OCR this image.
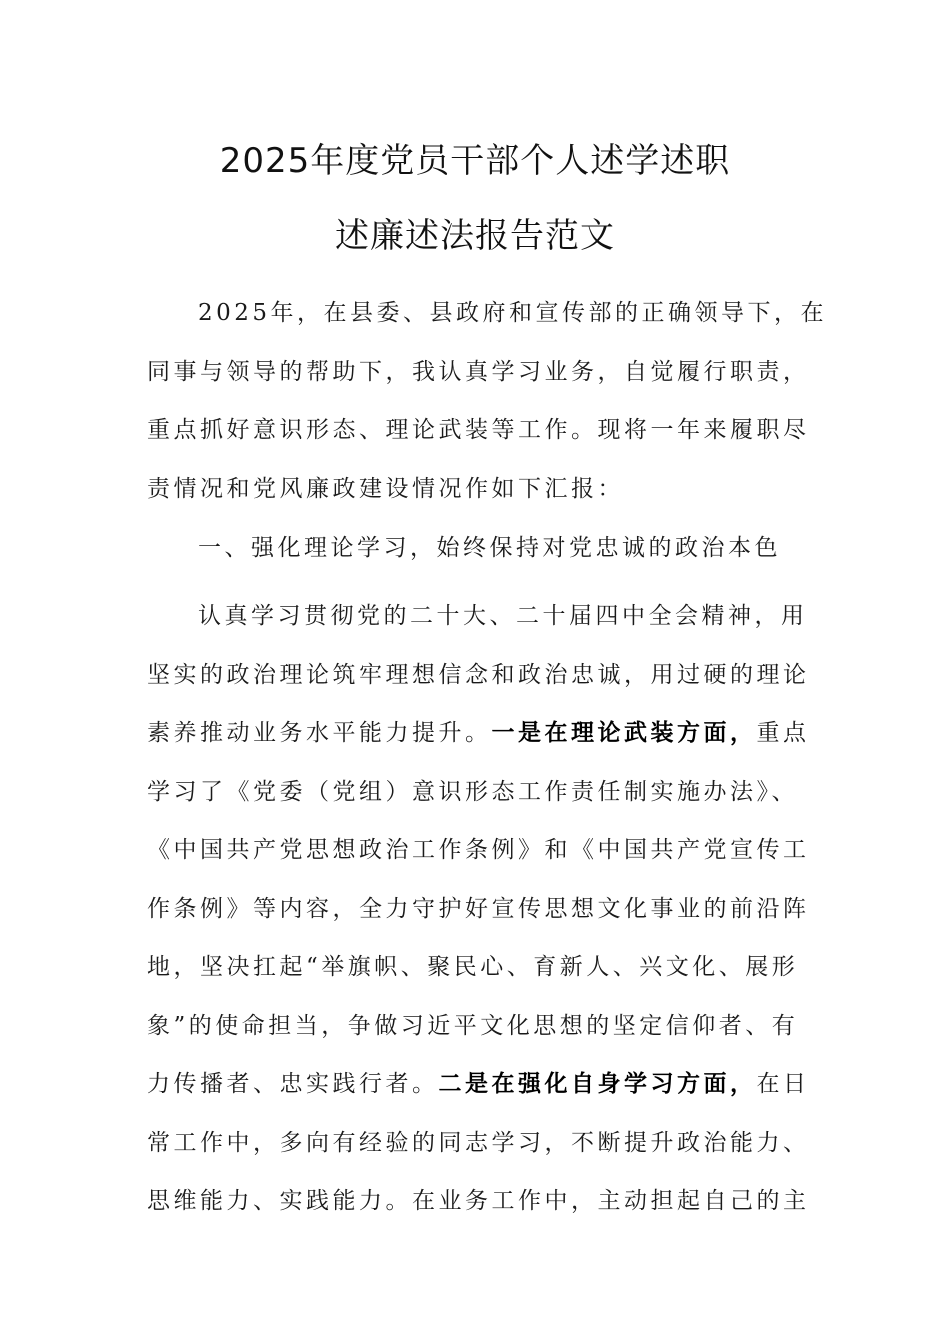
2025年度党员干部个人述学述职
述廉述法报告范文
2025年，在县委、县政府和宣传部的正确领导下，在
同事与领导的帮助下，我认真学习业务，自觉履行职责，
重点抓好意识形态、理论武装等工作。现将一年来履职尽
责情况和党风廉政建设情况作如下汇报：
一、强化理论学习，始终保持对党忠诚的政治本色
认真学习贯彻党的二十大、二十届四中全会精神，用
坚实的政治理论筑牢理想信念和政治忠诚，用过硬的理论
素养推动业务水平能力提升。一是在理论武装方面，重点
学习了《党委（党组）意识形态工作责任制实施办法》、
《中国共产党思想政治工作条例》和《中国共产党宣传工
作条例》等内容，全力守护好宣传思想文化事业的前沿阵
地，坚决扛起“举旗帜、聚民心、育新人、兴文化、展形
象”的使命担当，争做习近平文化思想的坚定信仰者、有
力传播者、忠实践行者。二是在强化自身学习方面，在日
常工作中，多向有经验的同志学习，不断提升政治能力、
思维能力、实践能力。在业务工作中，主动担起自己的主
